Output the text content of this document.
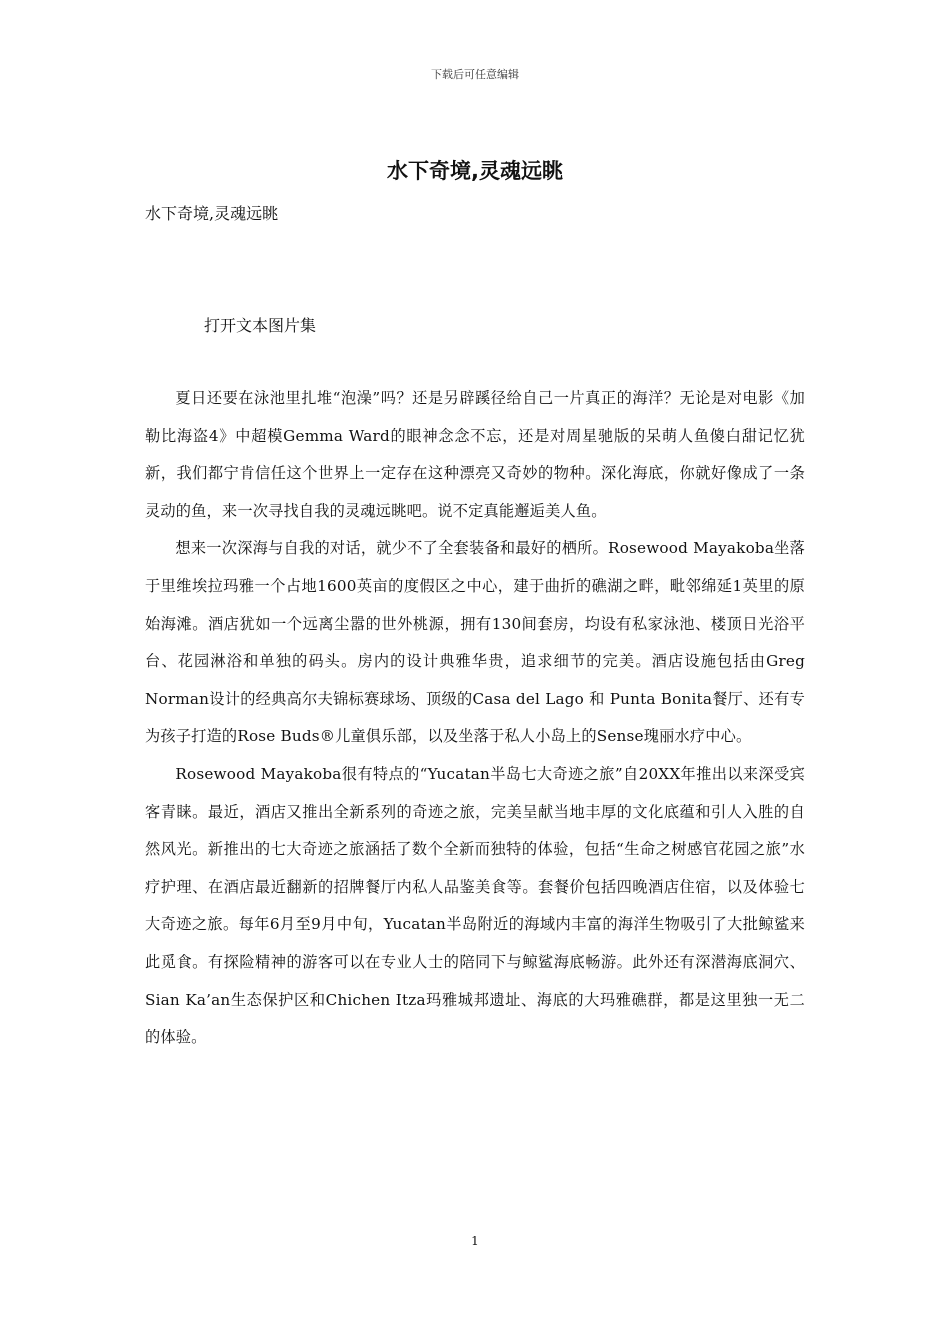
下载后可任意编辑
水下奇境,灵魂远眺
水下奇境,灵魂远眺
打开文本图片集

夏日还要在泳池里扎堆“泡澡”吗？还是另辟蹊径给自己一片真正的海洋？无论是对电影《加勒比海盗4》中超模Gemma Ward的眼神念念不忘，还是对周星驰版的呆萌人鱼傻白甜记忆犹新，我们都宁肯信任这个世界上一定存在这种漂亮又奇妙的物种。深化海底，你就好像成了一条灵动的鱼，来一次寻找自我的灵魂远眺吧。说不定真能邂逅美人鱼。

想来一次深海与自我的对话，就少不了全套装备和最好的栖所。Rosewood Mayakoba坐落于里维埃拉玛雅一个占地1600英亩的度假区之中心，建于曲折的礁湖之畔，毗邻绵延1英里的原始海滩。酒店犹如一个远离尘嚣的世外桃源，拥有130间套房，均设有私家泳池、楼顶日光浴平台、花园淋浴和单独的码头。房内的设计典雅华贵，追求细节的完美。酒店设施包括由Greg Norman设计的经典高尔夫锦标赛球场、顶级的Casa del Lago 和 Punta Bonita餐厅、还有专为孩子打造的Rose Buds®儿童俱乐部，以及坐落于私人小岛上的Sense瑰丽水疗中心。

Rosewood Mayakoba很有特点的“Yucatan半岛七大奇迹之旅”自20XX年推出以来深受宾客青睐。最近，酒店又推出全新系列的奇迹之旅，完美呈献当地丰厚的文化底蕴和引人入胜的自然风光。新推出的七大奇迹之旅涵括了数个全新而独特的体验，包括“生命之树感官花园之旅”水疗护理、在酒店最近翻新的招牌餐厅内私人品鉴美食等。套餐价包括四晚酒店住宿，以及体验七大奇迹之旅。每年6月至9月中旬，Yucatan半岛附近的海域内丰富的海洋生物吸引了大批鲸鲨来此觅食。有探险精神的游客可以在专业人士的陪同下与鲸鲨海底畅游。此外还有深潜海底洞穴、Sian Ka’an生态保护区和Chichen Itza玛雅城邦遗址、海底的大玛雅礁群，都是这里独一无二的体验。

1
